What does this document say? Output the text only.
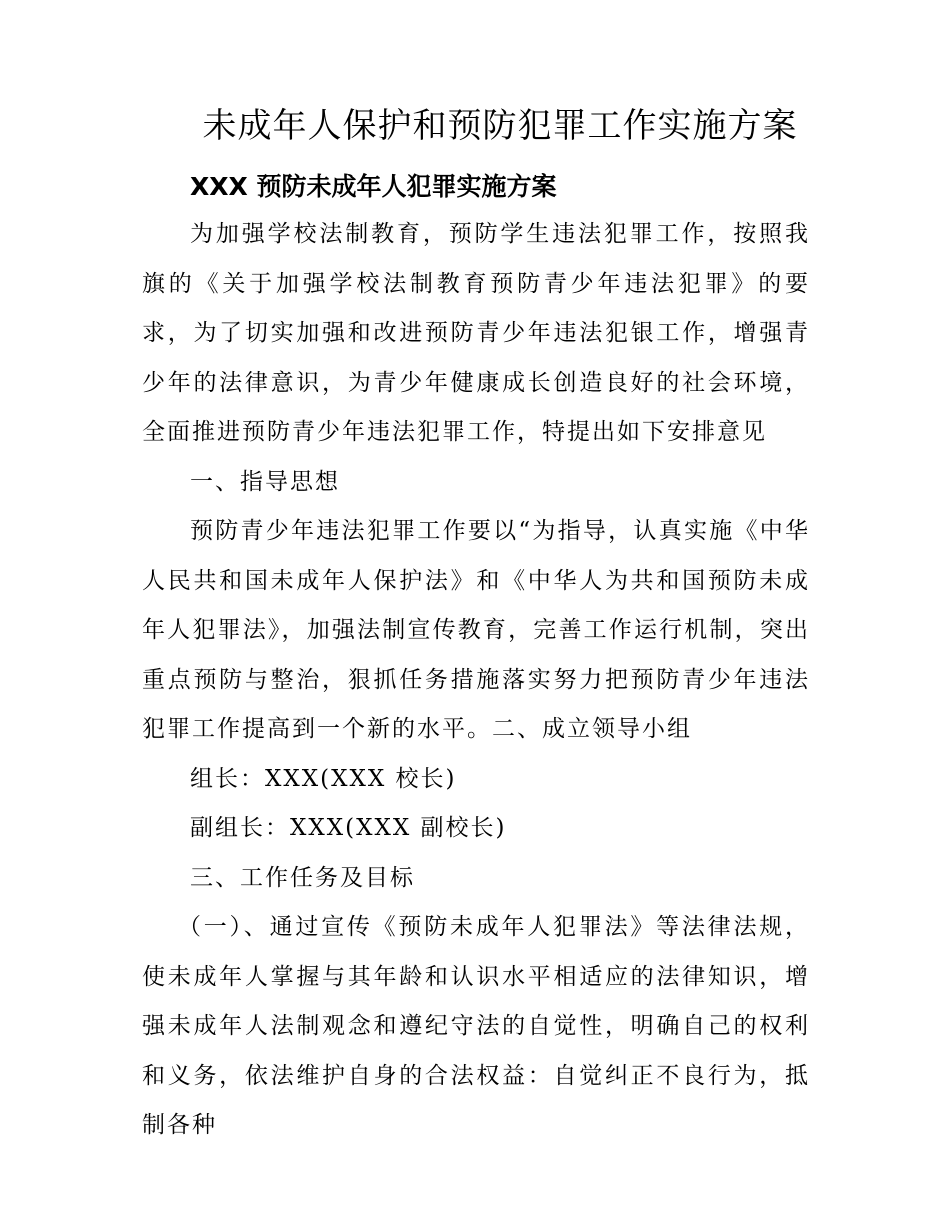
未成年人保护和预防犯罪工作实施方案
XXX 预防未成年人犯罪实施方案

为加强学校法制教育，预防学生违法犯罪工作，按照我旗的《关于加强学校法制教育预防青少年违法犯罪》的要求，为了切实加强和改进预防青少年违法犯银工作，增强青少年的法律意识，为青少年健康成长创造良好的社会环境，全面推进预防青少年违法犯罪工作，特提出如下安排意见

一、指导思想

预防青少年违法犯罪工作要以“为指导，认真实施《中华人民共和国未成年人保护法》和《中华人为共和国预防未成年人犯罪法》，加强法制宣传教育，完善工作运行机制，突出重点预防与整治，狠抓任务措施落实努力把预防青少年违法犯罪工作提高到一个新的水平。二、成立领导小组

组长：XXX(XXX 校长)

副组长：XXX(XXX 副校长)

三、工作任务及目标

（一）、通过宣传《预防未成年人犯罪法》等法律法规，使未成年人掌握与其年龄和认识水平相适应的法律知识，增强未成年人法制观念和遵纪守法的自觉性，明确自己的权利和义务，依法维护自身的合法权益：自觉纠正不良行为，抵制各种
